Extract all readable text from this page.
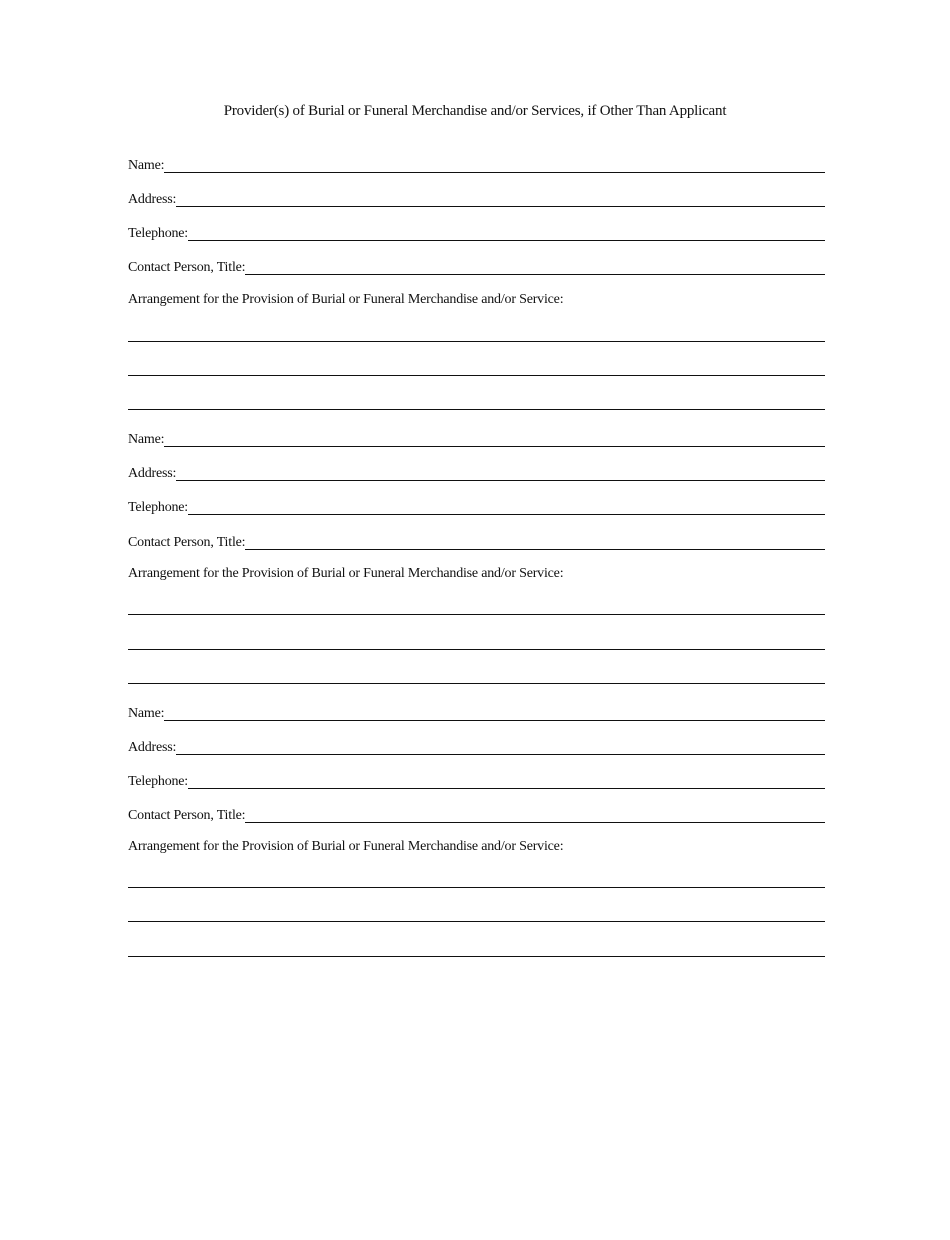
Provider(s) of Burial or Funeral Merchandise and/or Services, if Other Than Applicant
Name:
Address:
Telephone:
Contact Person, Title:
Arrangement for the Provision of Burial or Funeral Merchandise and/or Service:
Name:
Address:
Telephone:
Contact Person, Title:
Arrangement for the Provision of Burial or Funeral Merchandise and/or Service:
Name:
Address:
Telephone:
Contact Person, Title:
Arrangement for the Provision of Burial or Funeral Merchandise and/or Service:
